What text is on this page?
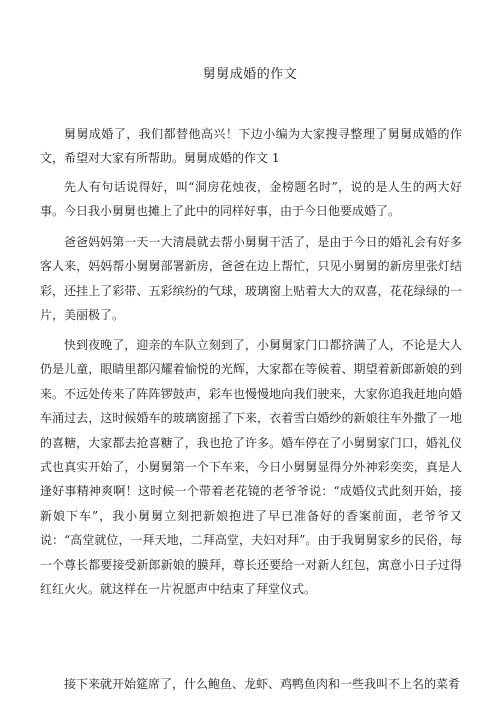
舅舅成婚的作文

舅舅成婚了，我们都替他高兴！下边小编为大家搜寻整理了舅舅成婚的作文，希望对大家有所帮助。舅舅成婚的作文 1

先人有句话说得好，叫“洞房花烛夜，金榜题名时”，说的是人生的两大好事。今日我小舅舅也摊上了此中的同样好事，由于今日他要成婚了。

爸爸妈妈第一天一大清晨就去帮小舅舅干活了，是由于今日的婚礼会有好多客人来，妈妈帮小舅舅部署新房，爸爸在边上帮忙，只见小舅舅的新房里张灯结彩，还挂上了彩带、五彩缤纷的气球，玻璃窗上贴着大大的双喜，花花绿绿的一片，美丽极了。

快到夜晚了，迎亲的车队立刻到了，小舅舅家门口都挤满了人，不论是大人仍是儿童，眼睛里都闪耀着愉悦的光辉，大家都在等候着、期望着新郎新娘的到来。不远处传来了阵阵锣鼓声，彩车也慢慢地向我们驶来，大家你追我赶地向婚车涌过去，这时候婚车的玻璃窗摇了下来，衣着雪白婚纱的新娘往车外撒了一地的喜糖，大家都去抢喜糖了，我也抢了许多。婚车停在了小舅舅家门口，婚礼仪式也真实开始了，小舅舅第一个下车来，今日小舅舅显得分外神彩奕奕，真是人逢好事精神爽啊！这时候一个带着老花镜的老爷爷说：“成婚仪式此刻开始，接新娘下车”，我小舅舅立刻把新娘抱进了早已准备好的香案前面，老爷爷又说：“高堂就位，一拜天地，二拜高堂，夫妇对拜”。由于我舅舅家乡的民俗，每一个尊长都要接受新郎新娘的膜拜，尊长还要给一对新人红包，寓意小日子过得红红火火。就这样在一片祝愿声中结束了拜堂仪式。

接下来就开始筵席了，什么鲍鱼、龙虾、鸡鸭鱼肉和一些我叫不上名的菜肴
